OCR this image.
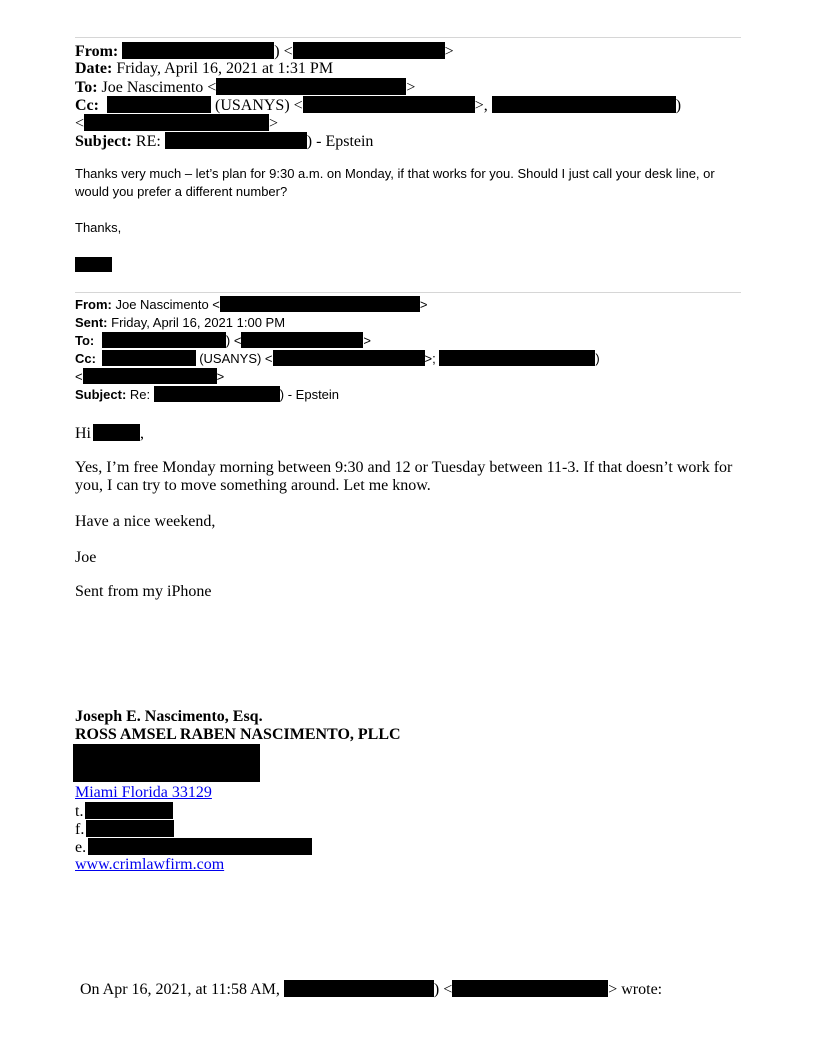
From:	) <	>
Date: Friday, April 16, 2021 at 1:31 PM
To: Joe Nascimento <	>
Cc:	(USANYS) <	>,	)
<	>
Subject: RE:	) - Epstein
Thanks very much – let’s plan for 9:30 a.m. on Monday, if that works for you. Should I just call your desk line, or would you prefer a different number?
Thanks,
From: Joe Nascimento <	>
Sent: Friday, April 16, 2021 1:00 PM
To:	) <	>
Cc:	(USANYS) <	>;	)
<	>
Subject: Re:	) - Epstein
Hi	,
Yes, I’m free Monday morning between 9:30 and 12 or Tuesday between 11-3. If that doesn’t work for you, I can try to move something around. Let me know.
Have a nice weekend,
Joe
Sent from my iPhone
Joseph E. Nascimento, Esq.
ROSS AMSEL RABEN NASCIMENTO, PLLC
Miami Florida 33129
t.
f.
e.
www.crimlawfirm.com
On Apr 16, 2021, at 11:58 AM,	) <	> wrote:
